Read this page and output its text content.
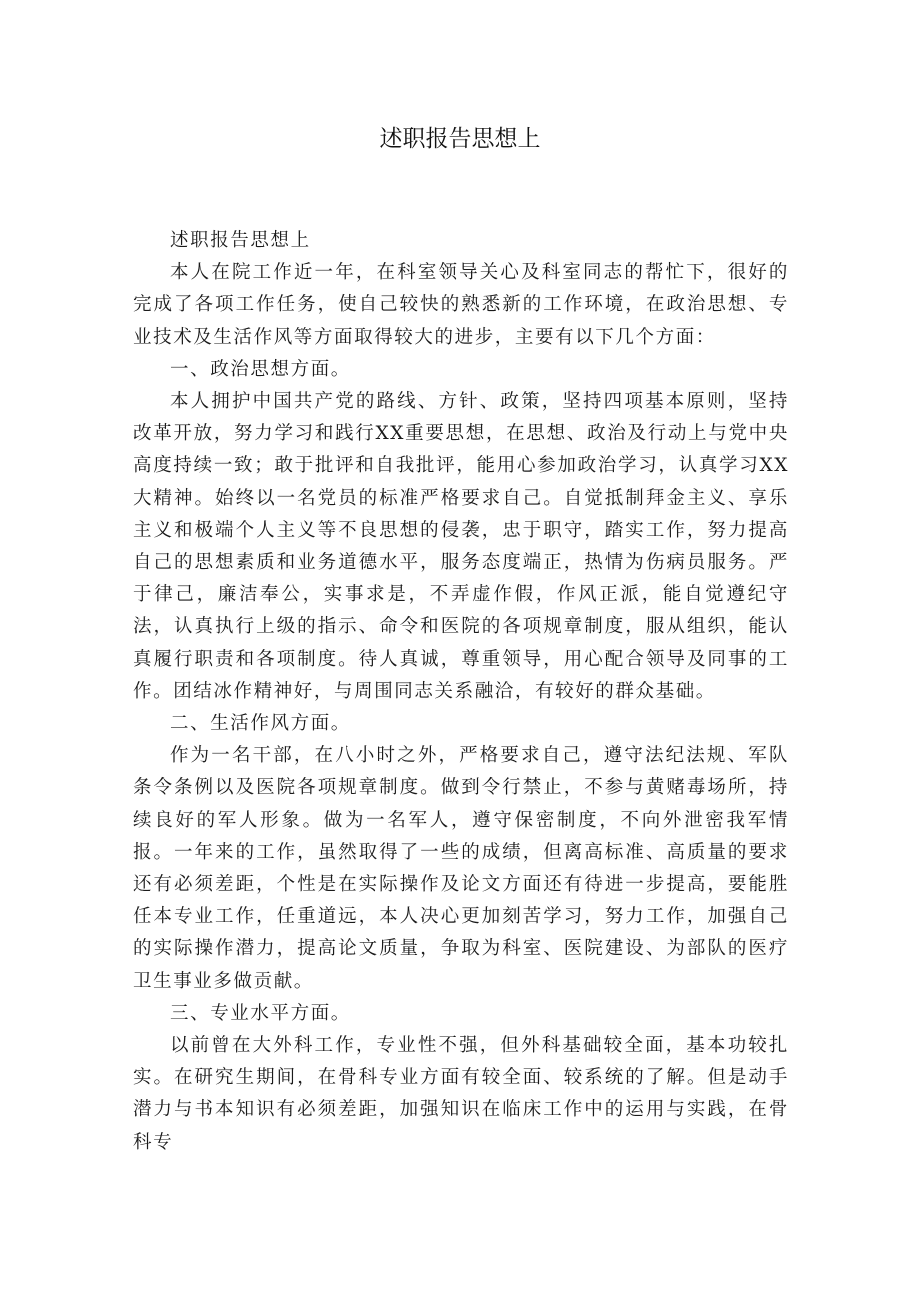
述职报告思想上

述职报告思想上

本人在院工作近一年，在科室领导关心及科室同志的帮忙下，很好的完成了各项工作任务，使自己较快的熟悉新的工作环境，在政治思想、专业技术及生活作风等方面取得较大的进步，主要有以下几个方面：

一、政治思想方面。

本人拥护中国共产党的路线、方针、政策，坚持四项基本原则，坚持改革开放，努力学习和践行XX重要思想，在思想、政治及行动上与党中央高度持续一致；敢于批评和自我批评，能用心参加政治学习，认真学习XX大精神。始终以一名党员的标准严格要求自己。自觉抵制拜金主义、享乐主义和极端个人主义等不良思想的侵袭，忠于职守，踏实工作，努力提高自己的思想素质和业务道德水平，服务态度端正，热情为伤病员服务。严于律己，廉洁奉公，实事求是，不弄虚作假，作风正派，能自觉遵纪守法，认真执行上级的指示、命令和医院的各项规章制度，服从组织，能认真履行职责和各项制度。待人真诚，尊重领导，用心配合领导及同事的工作。团结冰作精神好，与周围同志关系融洽，有较好的群众基础。

二、生活作风方面。

作为一名干部，在八小时之外，严格要求自己，遵守法纪法规、军队条令条例以及医院各项规章制度。做到令行禁止，不参与黄赌毒场所，持续良好的军人形象。做为一名军人，遵守保密制度，不向外泄密我军情报。一年来的工作，虽然取得了一些的成绩，但离高标准、高质量的要求还有必须差距，个性是在实际操作及论文方面还有待进一步提高，要能胜任本专业工作，任重道远，本人决心更加刻苦学习，努力工作，加强自己的实际操作潜力，提高论文质量，争取为科室、医院建设、为部队的医疗卫生事业多做贡献。

三、专业水平方面。

以前曾在大外科工作，专业性不强，但外科基础较全面，基本功较扎实。在研究生期间，在骨科专业方面有较全面、较系统的了解。但是动手潜力与书本知识有必须差距，加强知识在临床工作中的运用与实践，在骨科专
